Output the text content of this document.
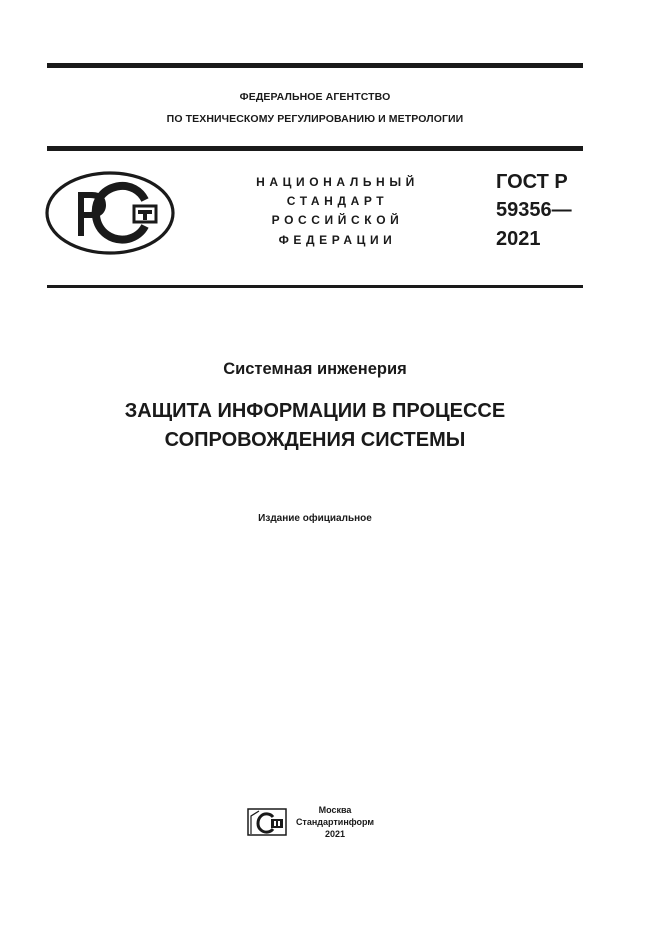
ФЕДЕРАЛЬНОЕ АГЕНТСТВО
ПО ТЕХНИЧЕСКОМУ РЕГУЛИРОВАНИЮ И МЕТРОЛОГИИ
НАЦИОНАЛЬНЫЙ
СТАНДАРТ
РОССИЙСКОЙ
ФЕДЕРАЦИИ
ГОСТ Р
59356—
2021
Системная инженерия
ЗАЩИТА ИНФОРМАЦИИ В ПРОЦЕССЕ
СОПРОВОЖДЕНИЯ СИСТЕМЫ
Издание официальное
Москва
Стандартинформ
2021
